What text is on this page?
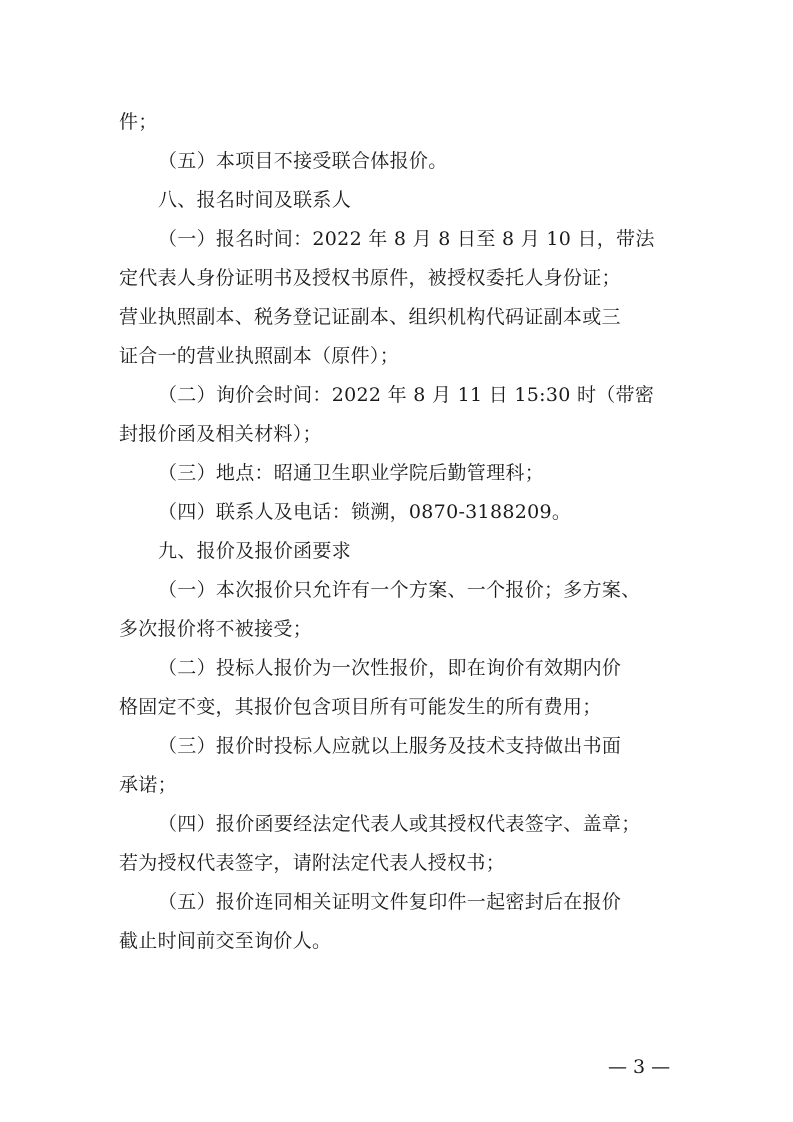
件；
（五）本项目不接受联合体报价。
八、报名时间及联系人
（一）报名时间：2022 年 8 月 8 日至 8 月 10 日，带法
定代表人身份证明书及授权书原件，被授权委托人身份证；
营业执照副本、税务登记证副本、组织机构代码证副本或三
证合一的营业执照副本（原件）；
（二）询价会时间：2022 年 8 月 11 日 15:30 时（带密
封报价函及相关材料）；
（三）地点：昭通卫生职业学院后勤管理科；
（四）联系人及电话：锁溯，0870-3188209。
九、报价及报价函要求
（一）本次报价只允许有一个方案、一个报价；多方案、
多次报价将不被接受；
（二）投标人报价为一次性报价，即在询价有效期内价
格固定不变，其报价包含项目所有可能发生的所有费用；
（三）报价时投标人应就以上服务及技术支持做出书面
承诺；
（四）报价函要经法定代表人或其授权代表签字、盖章；
若为授权代表签字，请附法定代表人授权书；
（五）报价连同相关证明文件复印件一起密封后在报价
截止时间前交至询价人。
— 3 —
